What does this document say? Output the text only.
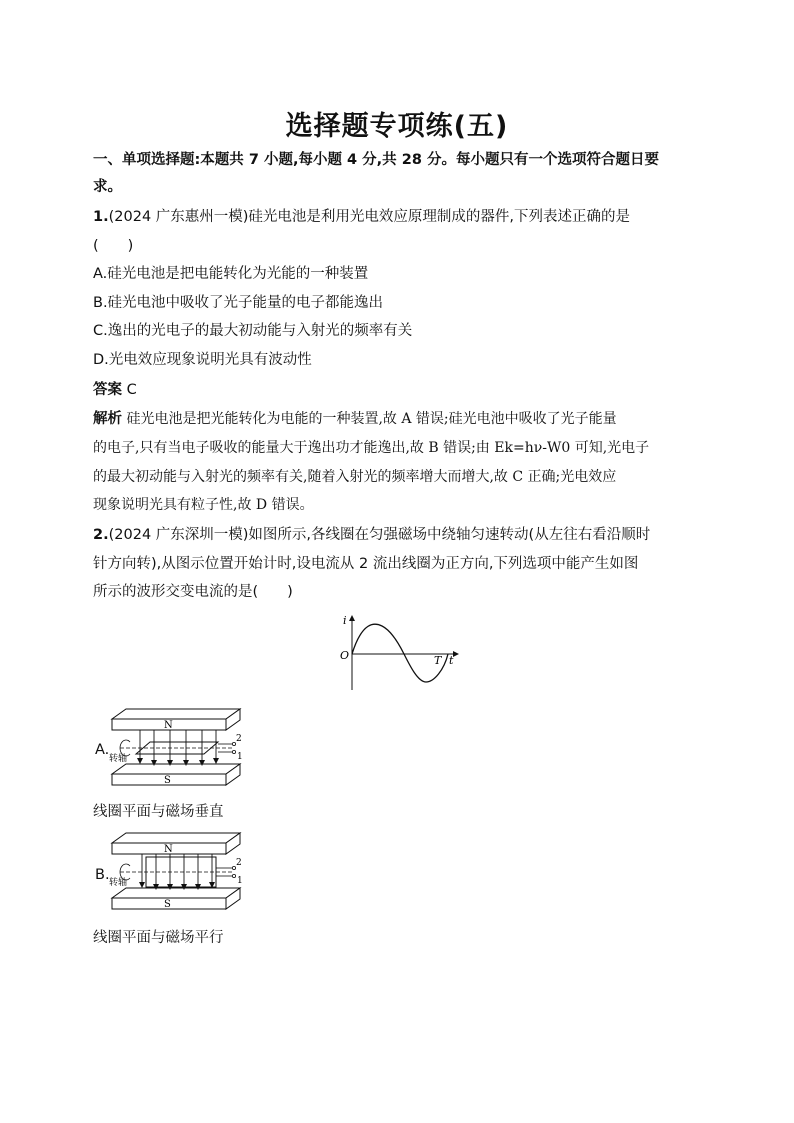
选择题专项练(五)
一、单项选择题:本题共 7 小题,每小题 4 分,共 28 分。每小题只有一个选项符合题日要
求。
1.(2024 广东惠州一模)硅光电池是利用光电效应原理制成的器件,下列表述正确的是
(　　)
A.硅光电池是把电能转化为光能的一种装置
B.硅光电池中吸收了光子能量的电子都能逸出
C.逸出的光电子的最大初动能与入射光的频率有关
D.光电效应现象说明光具有波动性
答案 C
解析 硅光电池是把光能转化为电能的一种装置,故 A 错误;硅光电池中吸收了光子能量
的电子,只有当电子吸收的能量大于逸出功才能逸出,故 B 错误;由 Ek=hν-W0 可知,光电子
的最大初动能与入射光的频率有关,随着入射光的频率增大而增大,故 C 正确;光电效应
现象说明光具有粒子性,故 D 错误。
2.(2024 广东深圳一模)如图所示,各线圈在匀强磁场中绕轴匀速转动(从左往右看沿顺时
针方向转),从图示位置开始计时,设电流从 2 流出线圈为正方向,下列选项中能产生如图
所示的波形交变电流的是(　　)
i
O	T t
A.
N
S
转轴
2
1
线圈平面与磁场垂直
B.
N
S
转轴
2
1
线圈平面与磁场平行
